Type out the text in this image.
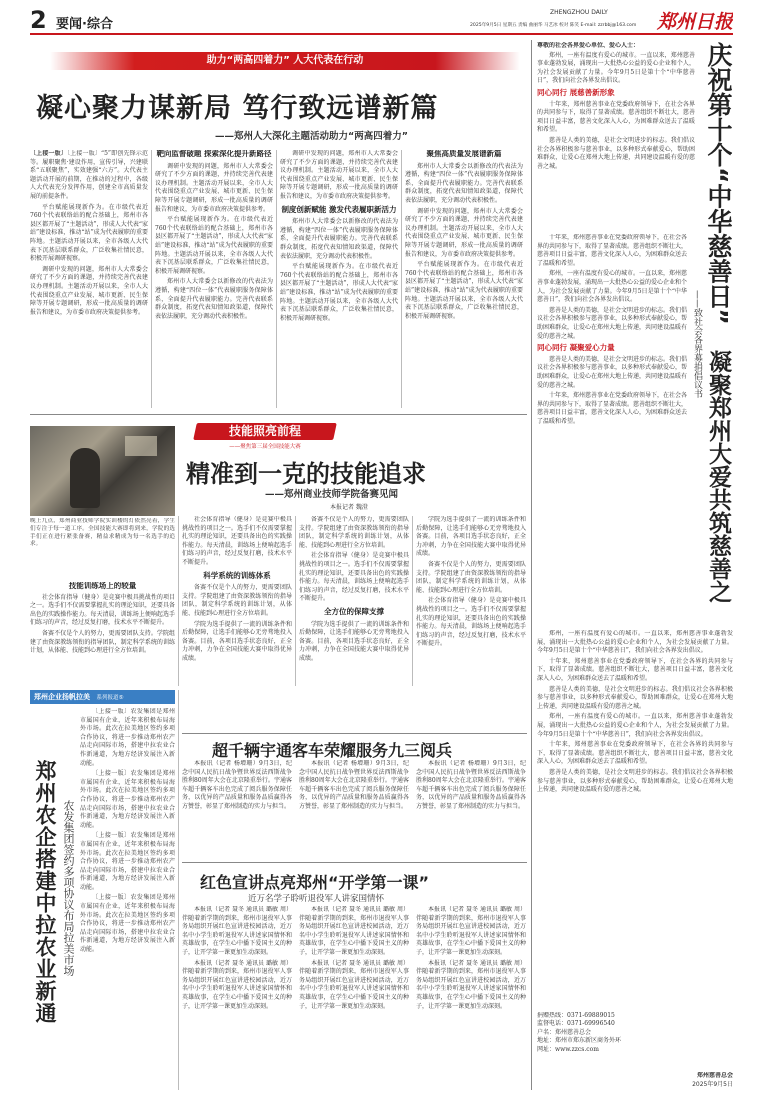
2 要闻·综合
ZHENGZHOU DAILY	郑州日报
2025年9月5日 星期五 责编 曲丽华 马艺冰 校对 陈笑 E-mail: zzrbbj@163.com
助力“两高四着力” 人大代表在行动
凝心聚力谋新局 笃行致远谱新篇
——郑州人大深化主题活动助力“两高四着力”

〔上接一版〕〔上接一版〕“5”即创先锋示范等。履职聚焦·建设作用，宣传引导，兴建联系“五联聚焦”，实效建强“六方”。大代表主题活动开展的前期，在推动的过程中，各级人大代表充分发挥作用，创建全市高质量发展的前提条件。

平台赋能展现新作为。在市级代表近760个代表联络站的配合基础上，郑州市各县区都开展了“主题活动”，形成人大代表“家站”建设标准，推动“站”成为代表履职的重要阵地。主题活动开展以来，全市各级人大代表下沉基层联系群众，广泛收集社情民意，积极开展调研视察。

调研中发现的问题，郑州市人大常委会研究了不少方面的课题，并持续完善代表建议办理机制。主题活动开展以来，全市人大代表围绕重点产业发展、城市更新、民生保障等开展专题调研，形成一批高质量的调研报告和建议，为市委市政府决策提供参考。

靶向监督破题 探索深化提升新路径

调研中发现的问题，郑州市人大常委会研究了不少方面的课题，并持续完善代表建议办理机制。主题活动开展以来，全市人大代表围绕重点产业发展、城市更新、民生保障等开展专题调研，形成一批高质量的调研报告和建议，为市委市政府决策提供参考。

平台赋能展现新作为。在市级代表近760个代表联络站的配合基础上，郑州市各县区都开展了“主题活动”，形成人大代表“家站”建设标准，推动“站”成为代表履职的重要阵地。主题活动开展以来，全市各级人大代表下沉基层联系群众，广泛收集社情民意，积极开展调研视察。

郑州市人大常委会以新修改的代表法为遵循，构建“四位一体”代表履职服务保障体系，全面提升代表履职能力。完善代表联系群众制度，拓宽代表知情知政渠道，保障代表依法履职，充分调动代表积极性。

调研中发现的问题，郑州市人大常委会研究了不少方面的课题，并持续完善代表建议办理机制。主题活动开展以来，全市人大代表围绕重点产业发展、城市更新、民生保障等开展专题调研，形成一批高质量的调研报告和建议，为市委市政府决策提供参考。

制度创新赋能 激发代表履职新活力

郑州市人大常委会以新修改的代表法为遵循，构建“四位一体”代表履职服务保障体系，全面提升代表履职能力。完善代表联系群众制度，拓宽代表知情知政渠道，保障代表依法履职，充分调动代表积极性。

平台赋能展现新作为。在市级代表近760个代表联络站的配合基础上，郑州市各县区都开展了“主题活动”，形成人大代表“家站”建设标准，推动“站”成为代表履职的重要阵地。主题活动开展以来，全市各级人大代表下沉基层联系群众，广泛收集社情民意，积极开展调研视察。

聚焦高质量发展谱新篇

郑州市人大常委会以新修改的代表法为遵循，构建“四位一体”代表履职服务保障体系，全面提升代表履职能力。完善代表联系群众制度，拓宽代表知情知政渠道，保障代表依法履职，充分调动代表积极性。

调研中发现的问题，郑州市人大常委会研究了不少方面的课题，并持续完善代表建议办理机制。主题活动开展以来，全市人大代表围绕重点产业发展、城市更新、民生保障等开展专题调研，形成一批高质量的调研报告和建议，为市委市政府决策提供参考。

平台赋能展现新作为。在市级代表近760个代表联络站的配合基础上，郑州市各县区都开展了“主题活动”，形成人大代表“家站”建设标准，推动“站”成为代表履职的重要阵地。主题活动开展以来，全市各级人大代表下沉基层联系群众，广泛收集社情民意，积极开展调研视察。

技能照亮前程
——聚焦第三届全国技能大赛
精准到一克的技能追求
——郑州商业技师学院备赛见闻
本报记者 魏澄
晚上九点，郑州商业技师学院实训楼的灯依然亮着，学生们专注于每一道工序。全国技能大赛即将到来，学院的选手们正在进行紧张备赛，精益求精成为每一名选手的追求。
技能训练场上的较量

社会体育指导（健身）是竞赛中极具挑战性的项目之一。选手们不仅需要掌握扎实的理论知识，还要具备出色的实践操作能力。每天清晨，训练场上便响起选手们练习的声音，经过反复打磨，技术水平不断提升。

备赛不仅是个人的努力，更需要团队支持。学院组建了由资深教练领衔的指导团队，制定科学系统的训练计划，从体能、技能到心理进行全方位培训。

社会体育指导（健身）是竞赛中极具挑战性的项目之一。选手们不仅需要掌握扎实的理论知识，还要具备出色的实践操作能力。每天清晨，训练场上便响起选手们练习的声音，经过反复打磨，技术水平不断提升。

科学系统的训练体系

备赛不仅是个人的努力，更需要团队支持。学院组建了由资深教练领衔的指导团队，制定科学系统的训练计划，从体能、技能到心理进行全方位培训。

学院为选手提供了一流的训练条件和后勤保障，让选手们能够心无旁骛地投入备赛。目前，各项目选手状态良好，正全力冲刺，力争在全国技能大赛中取得优异成绩。

备赛不仅是个人的努力，更需要团队支持。学院组建了由资深教练领衔的指导团队，制定科学系统的训练计划，从体能、技能到心理进行全方位培训。

社会体育指导（健身）是竞赛中极具挑战性的项目之一。选手们不仅需要掌握扎实的理论知识，还要具备出色的实践操作能力。每天清晨，训练场上便响起选手们练习的声音，经过反复打磨，技术水平不断提升。

全方位的保障支撑

学院为选手提供了一流的训练条件和后勤保障，让选手们能够心无旁骛地投入备赛。目前，各项目选手状态良好，正全力冲刺，力争在全国技能大赛中取得优异成绩。

学院为选手提供了一流的训练条件和后勤保障，让选手们能够心无旁骛地投入备赛。目前，各项目选手状态良好，正全力冲刺，力争在全国技能大赛中取得优异成绩。

备赛不仅是个人的努力，更需要团队支持。学院组建了由资深教练领衔的指导团队，制定科学系统的训练计划，从体能、技能到心理进行全方位培训。

社会体育指导（健身）是竞赛中极具挑战性的项目之一。选手们不仅需要掌握扎实的理论知识，还要具备出色的实践操作能力。每天清晨，训练场上便响起选手们练习的声音，经过反复打磨，技术水平不断提升。

郑州企业扬帆拉美 系列报道⑤
郑州农企搭建中拉农业新通
农发集团签约多项协议布局拉美市场

〔上接一版〕农发集团是郑州市属国有企业，近年来积极布局海外市场。此次在拉美地区签约多项合作协议，将进一步推动郑州农产品走向国际市场，搭建中拉农业合作新通道，为地方经济发展注入新动能。

〔上接一版〕农发集团是郑州市属国有企业，近年来积极布局海外市场。此次在拉美地区签约多项合作协议，将进一步推动郑州农产品走向国际市场，搭建中拉农业合作新通道，为地方经济发展注入新动能。

〔上接一版〕农发集团是郑州市属国有企业，近年来积极布局海外市场。此次在拉美地区签约多项合作协议，将进一步推动郑州农产品走向国际市场，搭建中拉农业合作新通道，为地方经济发展注入新动能。

〔上接一版〕农发集团是郑州市属国有企业，近年来积极布局海外市场。此次在拉美地区签约多项合作协议，将进一步推动郑州农产品走向国际市场，搭建中拉农业合作新通道，为地方经济发展注入新动能。

超千辆宇通客车荣耀服务九三阅兵

本报讯（记者 杨增珊）9月3日，纪念中国人民抗日战争暨世界反法西斯战争胜利80周年大会在北京隆重举行。宇通客车超千辆客车出色完成了阅兵服务保障任务，以优异的产品质量和服务品质赢得各方赞誉，彰显了郑州制造的实力与担当。

本报讯（记者 杨增珊）9月3日，纪念中国人民抗日战争暨世界反法西斯战争胜利80周年大会在北京隆重举行。宇通客车超千辆客车出色完成了阅兵服务保障任务，以优异的产品质量和服务品质赢得各方赞誉，彰显了郑州制造的实力与担当。

本报讯（记者 杨增珊）9月3日，纪念中国人民抗日战争暨世界反法西斯战争胜利80周年大会在北京隆重举行。宇通客车超千辆客车出色完成了阅兵服务保障任务，以优异的产品质量和服务品质赢得各方赞誉，彰显了郑州制造的实力与担当。

红色宣讲点亮郑州“开学第一课”
近万名学子聆听退役军人讲家国情怀

本报讯（记者 聂冬 通讯员 璐敏 周）伴随着新学期的到来，郑州市退役军人事务局组织开展红色宣讲进校园活动，近万名中小学生聆听退役军人讲述家国情怀和英雄故事，在学生心中播下爱国主义的种子，让开学第一课更加生动深刻。

本报讯（记者 聂冬 通讯员 璐敏 周）伴随着新学期的到来，郑州市退役军人事务局组织开展红色宣讲进校园活动，近万名中小学生聆听退役军人讲述家国情怀和英雄故事，在学生心中播下爱国主义的种子，让开学第一课更加生动深刻。

本报讯（记者 聂冬 通讯员 璐敏 周）伴随着新学期的到来，郑州市退役军人事务局组织开展红色宣讲进校园活动，近万名中小学生聆听退役军人讲述家国情怀和英雄故事，在学生心中播下爱国主义的种子，让开学第一课更加生动深刻。

本报讯（记者 聂冬 通讯员 璐敏 周）伴随着新学期的到来，郑州市退役军人事务局组织开展红色宣讲进校园活动，近万名中小学生聆听退役军人讲述家国情怀和英雄故事，在学生心中播下爱国主义的种子，让开学第一课更加生动深刻。

本报讯（记者 聂冬 通讯员 璐敏 周）伴随着新学期的到来，郑州市退役军人事务局组织开展红色宣讲进校园活动，近万名中小学生聆听退役军人讲述家国情怀和英雄故事，在学生心中播下爱国主义的种子，让开学第一课更加生动深刻。

本报讯（记者 聂冬 通讯员 璐敏 周）伴随着新学期的到来，郑州市退役军人事务局组织开展红色宣讲进校园活动，近万名中小学生聆听退役军人讲述家国情怀和英雄故事，在学生心中播下爱国主义的种子，让开学第一课更加生动深刻。

尊敬的社会各界爱心单位、爱心人士：

郑州，一座有温度有爱心的城市。一直以来，郑州慈善事业蓬勃发展，涌现出一大批热心公益的爱心企业和个人，为社会发展贡献了力量。今年9月5日是第十个“中华慈善日”，我们向社会各界发出倡议。

同心同行 展慈善新形象

十年来，郑州慈善事业在党委政府领导下，在社会各界的共同参与下，取得了显著成绩。慈善组织不断壮大，慈善项目日益丰富，慈善文化深入人心，为困难群众送去了温暖和希望。

慈善是人类的美德，是社会文明进步的标志。我们倡议社会各界积极参与慈善事业，以多种形式奉献爱心，帮助困难群众，让爱心在郑州大地上传递，共同建设温暖有爱的慈善之城。	庆祝第十个“中华慈善日”
——致社会各界募捐倡议书 凝聚郑州大爱共筑慈善之

十年来，郑州慈善事业在党委政府领导下，在社会各界的共同参与下，取得了显著成绩。慈善组织不断壮大，慈善项目日益丰富，慈善文化深入人心，为困难群众送去了温暖和希望。

郑州，一座有温度有爱心的城市。一直以来，郑州慈善事业蓬勃发展，涌现出一大批热心公益的爱心企业和个人，为社会发展贡献了力量。今年9月5日是第十个“中华慈善日”，我们向社会各界发出倡议。

慈善是人类的美德，是社会文明进步的标志。我们倡议社会各界积极参与慈善事业，以多种形式奉献爱心，帮助困难群众，让爱心在郑州大地上传递，共同建设温暖有爱的慈善之城。

同心同行 凝聚爱心力量

慈善是人类的美德，是社会文明进步的标志。我们倡议社会各界积极参与慈善事业，以多种形式奉献爱心，帮助困难群众，让爱心在郑州大地上传递，共同建设温暖有爱的慈善之城。

十年来，郑州慈善事业在党委政府领导下，在社会各界的共同参与下，取得了显著成绩。慈善组织不断壮大，慈善项目日益丰富，慈善文化深入人心，为困难群众送去了温暖和希望。

郑州，一座有温度有爱心的城市。一直以来，郑州慈善事业蓬勃发展，涌现出一大批热心公益的爱心企业和个人，为社会发展贡献了力量。今年9月5日是第十个“中华慈善日”，我们向社会各界发出倡议。

十年来，郑州慈善事业在党委政府领导下，在社会各界的共同参与下，取得了显著成绩。慈善组织不断壮大，慈善项目日益丰富，慈善文化深入人心，为困难群众送去了温暖和希望。

慈善是人类的美德，是社会文明进步的标志。我们倡议社会各界积极参与慈善事业，以多种形式奉献爱心，帮助困难群众，让爱心在郑州大地上传递，共同建设温暖有爱的慈善之城。

郑州，一座有温度有爱心的城市。一直以来，郑州慈善事业蓬勃发展，涌现出一大批热心公益的爱心企业和个人，为社会发展贡献了力量。今年9月5日是第十个“中华慈善日”，我们向社会各界发出倡议。

十年来，郑州慈善事业在党委政府领导下，在社会各界的共同参与下，取得了显著成绩。慈善组织不断壮大，慈善项目日益丰富，慈善文化深入人心，为困难群众送去了温暖和希望。

慈善是人类的美德，是社会文明进步的标志。我们倡议社会各界积极参与慈善事业，以多种形式奉献爱心，帮助困难群众，让爱心在郑州大地上传递，共同建设温暖有爱的慈善之城。

捐赠热线：0371-69889015
监督电话：0371-69996540
户名：郑州慈善总会
地址：郑州市郑东新区商务外环
网址：www.zzcs.com
郑州慈善总会
2025年9月5日
